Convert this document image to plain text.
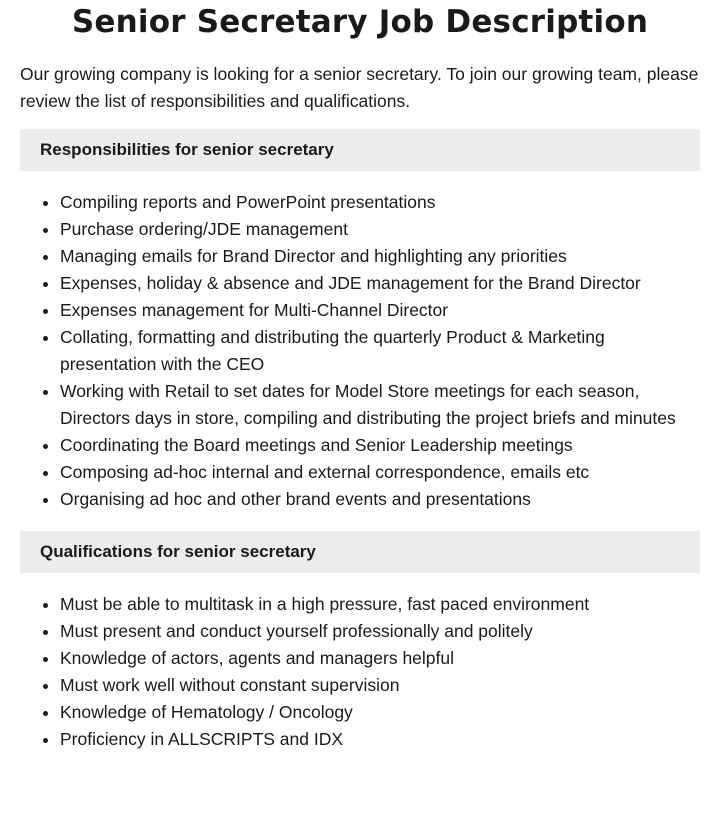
Senior Secretary Job Description

Our growing company is looking for a senior secretary. To join our growing team, please review the list of responsibilities and qualifications.

Responsibilities for senior secretary
Compiling reports and PowerPoint presentations
Purchase ordering/JDE management
Managing emails for Brand Director and highlighting any priorities
Expenses, holiday & absence and JDE management for the Brand Director
Expenses management for Multi-Channel Director
Collating, formatting and distributing the quarterly Product & Marketing presentation with the CEO
Working with Retail to set dates for Model Store meetings for each season, Directors days in store, compiling and distributing the project briefs and minutes
Coordinating the Board meetings and Senior Leadership meetings
Composing ad-hoc internal and external correspondence, emails etc
Organising ad hoc and other brand events and presentations
Qualifications for senior secretary
Must be able to multitask in a high pressure, fast paced environment
Must present and conduct yourself professionally and politely
Knowledge of actors, agents and managers helpful
Must work well without constant supervision
Knowledge of Hematology / Oncology
Proficiency in ALLSCRIPTS and IDX
